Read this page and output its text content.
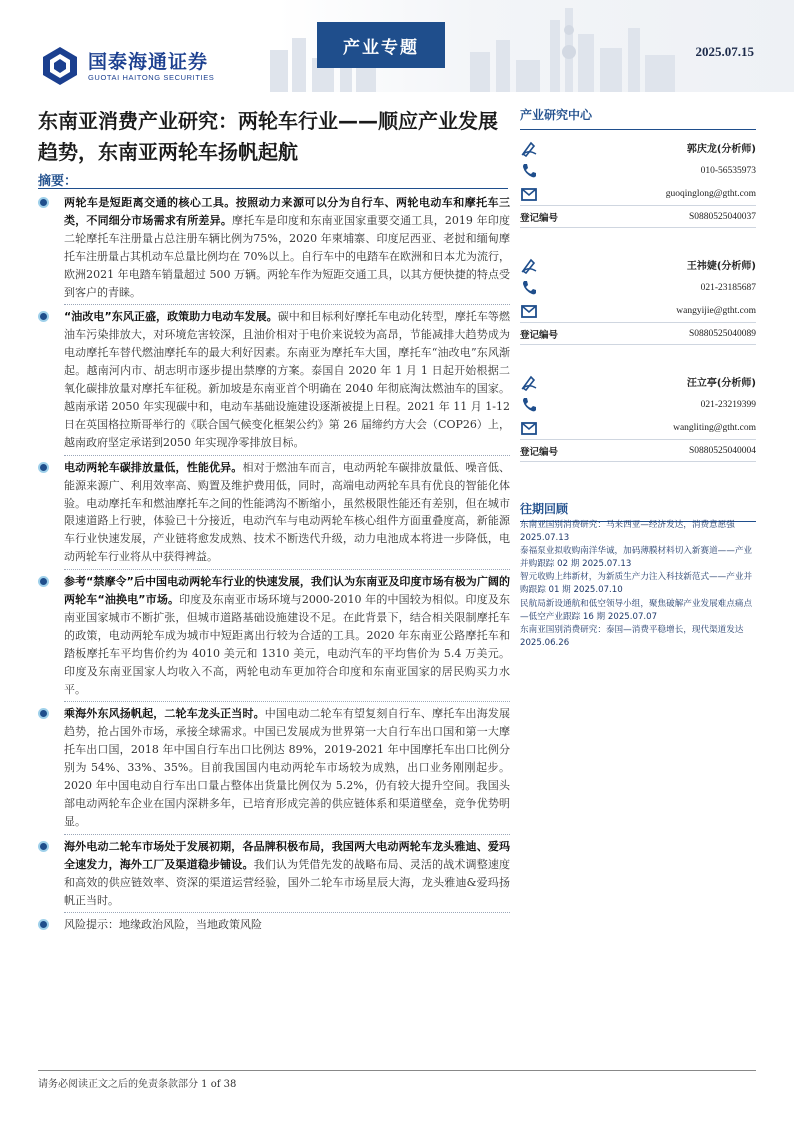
国泰海通证券
GUOTAI HAITONG SECURITIES
产业专题	2025.07.15
东南亚消费产业研究：两轮车行业——顺应产业发展趋势，东南亚两轮车扬帆起航
摘要：
两轮车是短距离交通的核心工具。按照动力来源可以分为自行车、两轮电动车和摩托车三类，不同细分市场需求有所差异。摩托车是印度和东南亚国家重要交通工具，2019 年印度二轮摩托车注册量占总注册车辆比例为75%，2020 年柬埔寨、印度尼西亚、老挝和缅甸摩托车注册量占其机动车总量比例均在 70%以上。自行车中的电踏车在欧洲和日本尤为流行，欧洲2021 年电踏车销量超过 500 万辆。两轮车作为短距交通工具，以其方便快捷的特点受到客户的青睐。
“油改电”东风正盛，政策助力电动车发展。碳中和目标利好摩托车电动化转型，摩托车等燃油车污染排放大，对环境危害较深，且油价相对于电价来说较为高昂，节能减排大趋势成为电动摩托车替代燃油摩托车的最大利好因素。东南亚为摩托车大国，摩托车“油改电”东风渐起。越南河内市、胡志明市逐步提出禁摩的方案。泰国自 2020 年 1 月 1 日起开始根据二氧化碳排放量对摩托车征税。新加坡是东南亚首个明确在 2040 年彻底淘汰燃油车的国家。越南承诺 2050 年实现碳中和，电动车基础设施建设逐渐被提上日程。2021 年 11 月 1-12 日在英国格拉斯哥举行的《联合国气候变化框架公约》第 26 届缔约方大会（COP26）上，越南政府坚定承诺到2050 年实现净零排放目标。
电动两轮车碳排放量低，性能优异。相对于燃油车而言，电动两轮车碳排放量低、噪音低、能源来源广、利用效率高、购置及维护费用低，同时，高端电动两轮车具有优良的智能化体验。电动摩托车和燃油摩托车之间的性能鸿沟不断缩小，虽然极限性能还有差别，但在城市限速道路上行驶，体验已十分接近，电动汽车与电动两轮车核心组件方面重叠度高，新能源车行业快速发展，产业链将愈发成熟、技术不断迭代升级，动力电池成本将进一步降低，电动两轮车行业将从中获得裨益。
参考“禁摩令”后中国电动两轮车行业的快速发展，我们认为东南亚及印度市场有极为广阔的两轮车“油换电”市场。印度及东南亚市场环境与2000-2010 年的中国较为相似。印度及东南亚国家城市不断扩张，但城市道路基础设施建设不足。在此背景下，结合相关限制摩托车的政策，电动两轮车成为城市中短距离出行较为合适的工具。2020 年东南亚公路摩托车和踏板摩托车平均售价约为 4010 美元和 1310 美元，电动汽车的平均售价为 5.4 万美元。印度及东南亚国家人均收入不高，两轮电动车更加符合印度和东南亚国家的居民购买力水平。
乘海外东风扬帆起，二轮车龙头正当时。中国电动二轮车有望复刻自行车、摩托车出海发展趋势，抢占国外市场，承接全球需求。中国已发展成为世界第一大自行车出口国和第一大摩托车出口国，2018 年中国自行车出口比例达 89%，2019-2021 年中国摩托车出口比例分别为 54%、33%、35%。目前我国国内电动两轮车市场较为成熟，出口业务刚刚起步。2020 年中国电动自行车出口量占整体出货量比例仅为 5.2%，仍有较大提升空间。我国头部电动两轮车企业在国内深耕多年，已培育形成完善的供应链体系和渠道壁垒，竞争优势明显。
海外电动二轮车市场处于发展初期，各品牌积极布局，我国两大电动两轮车龙头雅迪、爱玛全速发力，海外工厂及渠道稳步铺设。我们认为凭借先发的战略布局、灵活的战术调整速度和高效的供应链效率、资深的渠道运营经验，国外二轮车市场星辰大海，龙头雅迪&爱玛扬帆正当时。
风险提示：地缘政治风险，当地政策风险
产业研究中心
郭庆龙(分析师)
010-56535973
guoqinglong@gtht.com
登记编号	S0880525040037
王祎婕(分析师)
021-23185687
wangyijie@gtht.com
登记编号	S0880525040089
汪立亭(分析师)
021-23219399
wangliting@gtht.com
登记编号	S0880525040004
往期回顾
东南亚国别消费研究：马来西亚—经济发达，消费意愿强 2025.07.13
泰福泵业拟收购南洋华诚，加码薄膜材料切入新赛道——产业并购跟踪 02 期 2025.07.13
智元收购上纬新材，为新质生产力注入科技新范式——产业并购跟踪 01 期 2025.07.10
民航局新设通航和低空领导小组，聚焦破解产业发展难点痛点—低空产业跟踪 16 期 2025.07.07
东南亚国别消费研究：泰国—消费平稳增长，现代渠道发达 2025.06.26
请务必阅读正文之后的免责条款部分 1 of 38
